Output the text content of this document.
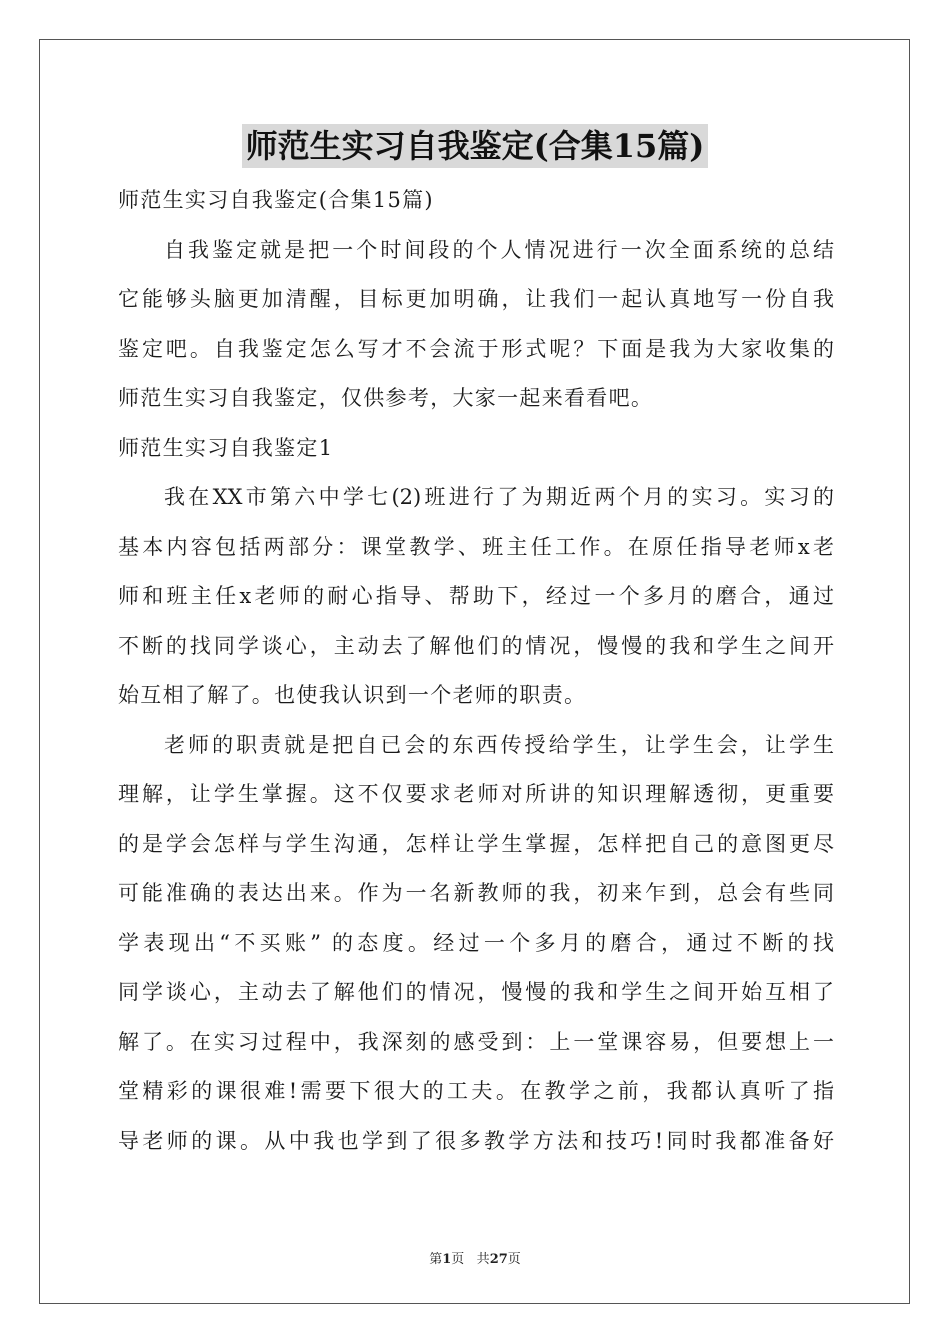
师范生实习自我鉴定(合集15篇)
师范生实习自我鉴定(合集15篇)
自我鉴定就是把一个时间段的个人情况进行一次全面系统的总结
它能够头脑更加清醒，目标更加明确，让我们一起认真地写一份自我
鉴定吧。自我鉴定怎么写才不会流于形式呢？下面是我为大家收集的
师范生实习自我鉴定，仅供参考，大家一起来看看吧。
师范生实习自我鉴定1
我在XX市第六中学七(2)班进行了为期近两个月的实习。实习的
基本内容包括两部分：课堂教学、班主任工作。在原任指导老师x老
师和班主任x老师的耐心指导、帮助下，经过一个多月的磨合，通过
不断的找同学谈心，主动去了解他们的情况，慢慢的我和学生之间开
始互相了解了。也使我认识到一个老师的职责。
老师的职责就是把自已会的东西传授给学生，让学生会，让学生
理解，让学生掌握。这不仅要求老师对所讲的知识理解透彻，更重要
的是学会怎样与学生沟通，怎样让学生掌握，怎样把自己的意图更尽
可能准确的表达出来。作为一名新教师的我，初来乍到，总会有些同
学表现出“不买账” 的态度。经过一个多月的磨合，通过不断的找
同学谈心，主动去了解他们的情况，慢慢的我和学生之间开始互相了
解了。在实习过程中，我深刻的感受到：上一堂课容易，但要想上一
堂精彩的课很难!需要下很大的工夫。在教学之前，我都认真听了指
导老师的课。从中我也学到了很多教学方法和技巧!同时我都准备好
第1页 共27页
